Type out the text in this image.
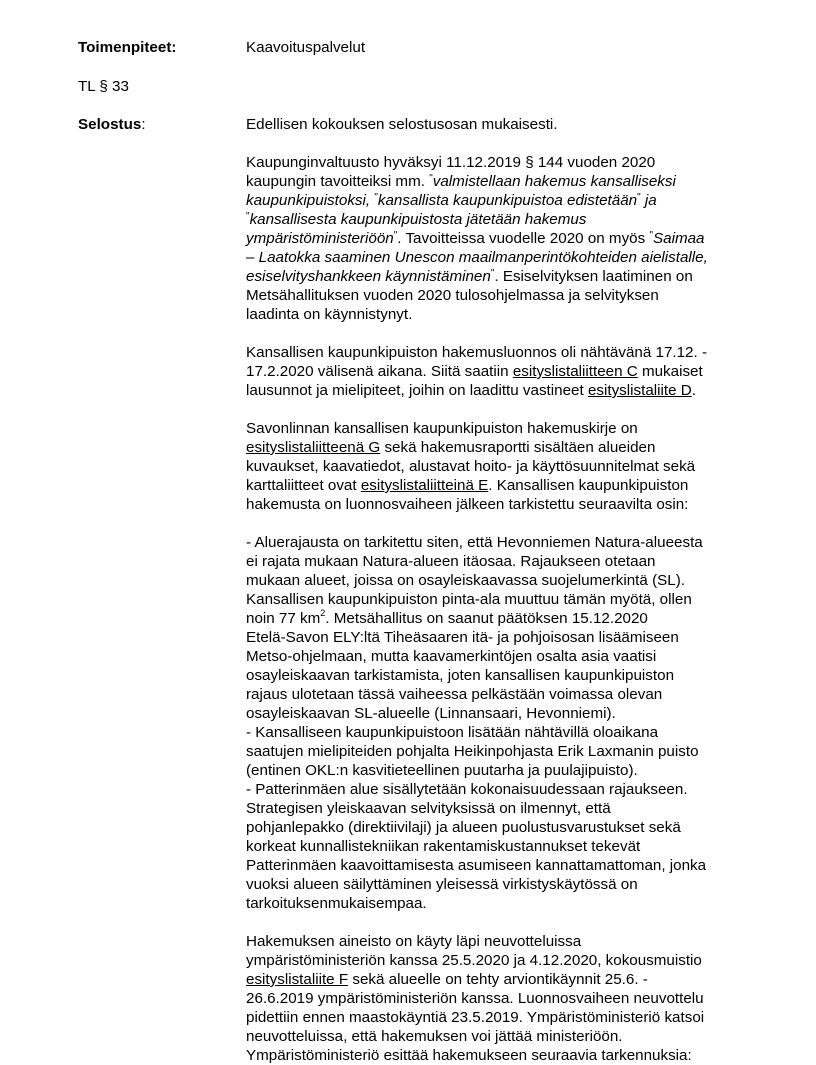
Toimenpiteet:
TL § 33
Selostus:

Kaavoituspalvelut

Edellisen kokouksen selostusosan mukaisesti.

Kaupunginvaltuusto hyväksyi 11.12.2019 § 144 vuoden 2020

kaupungin tavoitteiksi mm. "valmistellaan hakemus kansalliseksi

kaupunkipuistoksi, "kansallista kaupunkipuistoa edistetään" ja

"kansallisesta kaupunkipuistosta jätetään hakemus

ympäristöministeriöön". Tavoitteissa vuodelle 2020 on myös "Saimaa

– Laatokka saaminen Unescon maailmanperintökohteiden aielistalle,

esiselvityshankkeen käynnistäminen". Esiselvityksen laatiminen on

Metsähallituksen vuoden 2020 tulosohjelmassa ja selvityksen

laadinta on käynnistynyt.

Kansallisen kaupunkipuiston hakemusluonnos oli nähtävänä 17.12. -

17.2.2020 välisenä aikana. Siitä saatiin esityslistaliitteen C mukaiset

lausunnot ja mielipiteet, joihin on laadittu vastineet esityslistaliite D.

Savonlinnan kansallisen kaupunkipuiston hakemuskirje on

esityslistaliitteenä G sekä hakemusraportti sisältäen alueiden

kuvaukset, kaavatiedot, alustavat hoito- ja käyttösuunnitelmat sekä

karttaliitteet ovat esityslistaliitteinä E. Kansallisen kaupunkipuiston

hakemusta on luonnosvaiheen jälkeen tarkistettu seuraavilta osin:

- Aluerajausta on tarkitettu siten, että Hevonniemen Natura-alueesta

ei rajata mukaan Natura-alueen itäosaa. Rajaukseen otetaan

mukaan alueet, joissa on osayleiskaavassa suojelumerkintä (SL).

Kansallisen kaupunkipuiston pinta-ala muuttuu tämän myötä, ollen

noin 77 $km^2$. Metsähallitus on saanut päätöksen 15.12.2020

Etelä-Savon ELY:ltä Tiheäsaaren itä- ja pohjoisosan lisäämiseen

Metso-ohjelmaan, mutta kaavamerkintöjen osalta asia vaatisi

osayleiskaavan tarkistamista, joten kansallisen kaupunkipuiston

rajaus ulotetaan tässä vaiheessa pelkästään voimassa olevan

osayleiskaavan SL-alueelle (Linnansaari, Hevonniemi).

- Kansalliseen kaupunkipuistoon lisätään nähtävillä oloaikana

saatujen mielipiteiden pohjalta Heikinpohjasta Erik Laxmanin puisto

(entinen OKL:n kasvitieteellinen puutarha ja puulajipuisto).

- Patterinmäen alue sisällytetään kokonaisuudessaan rajaukseen.

Strategisen yleiskaavan selvityksissä on ilmennyt, että

pohjanlepakko (direktiivilaji) ja alueen puolustusvarustukset sekä

korkeat kunnallistekniikan rakentamiskustannukset tekevät

Patterinmäen kaavoittamisesta asumiseen kannattamattoman, jonka

vuoksi alueen säilyttäminen yleisessä virkistyskäytössä on

tarkoituksenmukaisempaa.

Hakemuksen aineisto on käyty läpi neuvotteluissa

ympäristöministeriön kanssa 25.5.2020 ja 4.12.2020, kokousmuistio

esityslistaliite F sekä alueelle on tehty arviontikäynnit 25.6. -

26.6.2019 ympäristöministeriön kanssa. Luonnosvaiheen neuvottelu

pidettiin ennen maastokäyntiä 23.5.2019. Ympäristöministeriö katsoi

neuvotteluissa, että hakemuksen voi jättää ministeriöön.

Ympäristöministeriö esittää hakemukseen seuraavia tarkennuksia:
